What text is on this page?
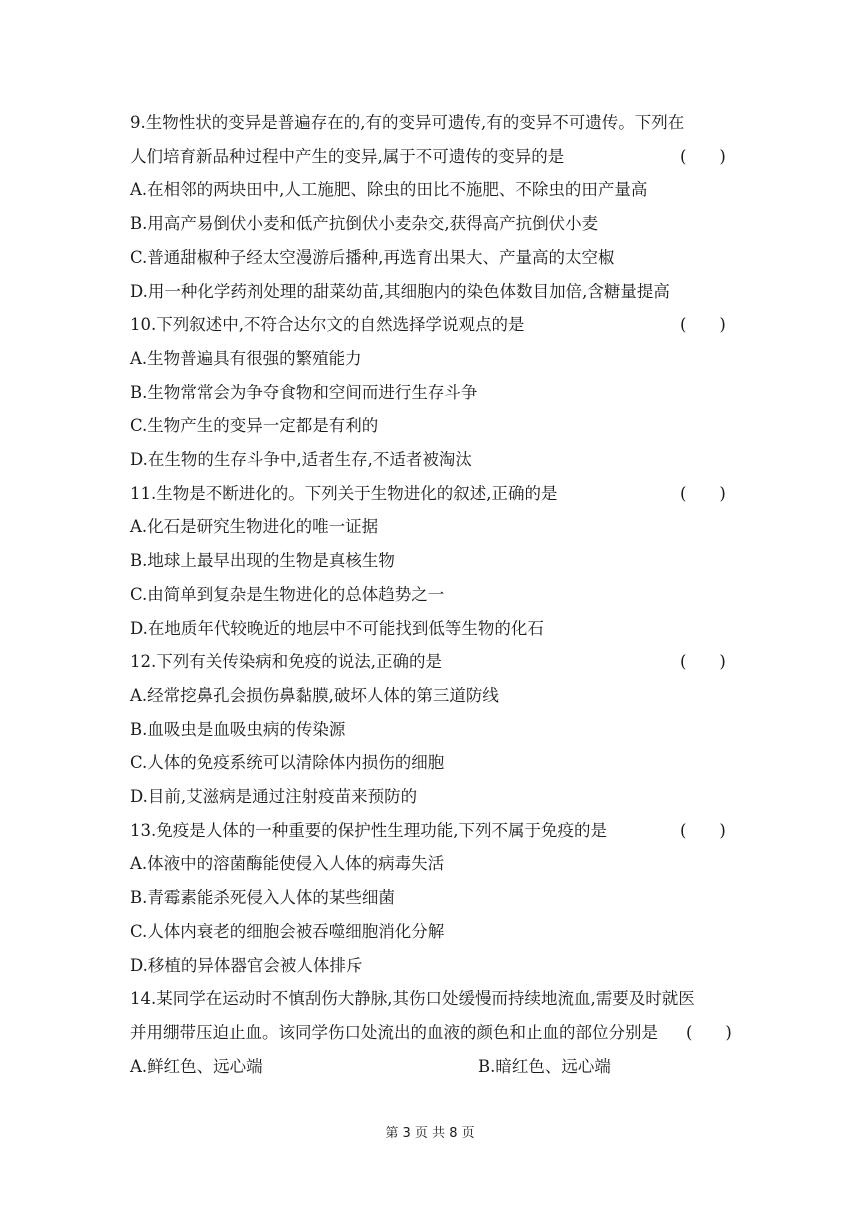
9.生物性状的变异是普遍存在的,有的变异可遗传,有的变异不可遗传。下列在
人们培育新品种过程中产生的变异,属于不可遗传的变异的是	(　　)
A.在相邻的两块田中,人工施肥、除虫的田比不施肥、不除虫的田产量高
B.用高产易倒伏小麦和低产抗倒伏小麦杂交,获得高产抗倒伏小麦
C.普通甜椒种子经太空漫游后播种,再选育出果大、产量高的太空椒
D.用一种化学药剂处理的甜菜幼苗,其细胞内的染色体数目加倍,含糖量提高
10.下列叙述中,不符合达尔文的自然选择学说观点的是	(　　)
A.生物普遍具有很强的繁殖能力
B.生物常常会为争夺食物和空间而进行生存斗争
C.生物产生的变异一定都是有利的
D.在生物的生存斗争中,适者生存,不适者被淘汰
11.生物是不断进化的。下列关于生物进化的叙述,正确的是	(　　)
A.化石是研究生物进化的唯一证据
B.地球上最早出现的生物是真核生物
C.由简单到复杂是生物进化的总体趋势之一
D.在地质年代较晚近的地层中不可能找到低等生物的化石
12.下列有关传染病和免疫的说法,正确的是	(　　)
A.经常挖鼻孔会损伤鼻黏膜,破坏人体的第三道防线
B.血吸虫是血吸虫病的传染源
C.人体的免疫系统可以清除体内损伤的细胞
D.目前,艾滋病是通过注射疫苗来预防的
13.免疫是人体的一种重要的保护性生理功能,下列不属于免疫的是	(　　)
A.体液中的溶菌酶能使侵入人体的病毒失活
B.青霉素能杀死侵入人体的某些细菌
C.人体内衰老的细胞会被吞噬细胞消化分解
D.移植的异体器官会被人体排斥
14.某同学在运动时不慎刮伤大静脉,其伤口处缓慢而持续地流血,需要及时就医
并用绷带压迫止血。该同学伤口处流出的血液的颜色和止血的部位分别是 (　　)
A.鲜红色、远心端	B.暗红色、远心端
第 3 页 共 8 页
